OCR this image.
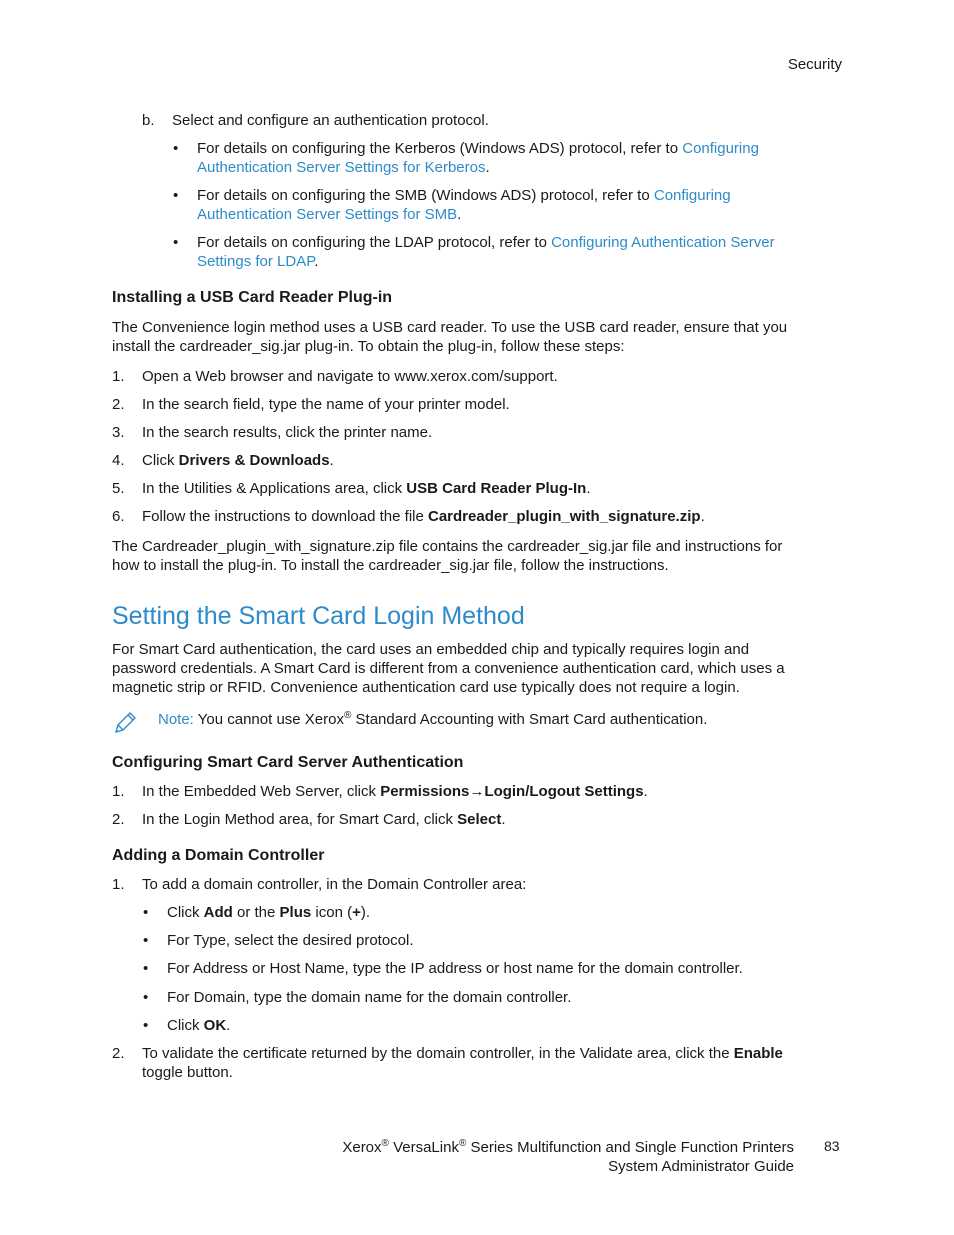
Security
b. Select and configure an authentication protocol.
• For details on configuring the Kerberos (Windows ADS) protocol, refer to Configuring
Authentication Server Settings for Kerberos.
• For details on configuring the SMB (Windows ADS) protocol, refer to Configuring
Authentication Server Settings for SMB.
• For details on configuring the LDAP protocol, refer to Configuring Authentication Server
Settings for LDAP.
Installing a USB Card Reader Plug-in
The Convenience login method uses a USB card reader. To use the USB card reader, ensure that you
install the cardreader_sig.jar plug-in. To obtain the plug-in, follow these steps:
1. Open a Web browser and navigate to www.xerox.com/support.
2. In the search field, type the name of your printer model.
3. In the search results, click the printer name.
4. Click Drivers & Downloads.
5. In the Utilities & Applications area, click USB Card Reader Plug-In.
6. Follow the instructions to download the file Cardreader_plugin_with_signature.zip.
The Cardreader_plugin_with_signature.zip file contains the cardreader_sig.jar file and instructions for
how to install the plug-in. To install the cardreader_sig.jar file, follow the instructions.
Setting the Smart Card Login Method
For Smart Card authentication, the card uses an embedded chip and typically requires login and
password credentials. A Smart Card is different from a convenience authentication card, which uses a
magnetic strip or RFID. Convenience authentication card use typically does not require a login.
Note: You cannot use Xerox® Standard Accounting with Smart Card authentication.
Configuring Smart Card Server Authentication
1. In the Embedded Web Server, click Permissions→Login/Logout Settings.
2. In the Login Method area, for Smart Card, click Select.
Adding a Domain Controller
1. To add a domain controller, in the Domain Controller area:
• Click Add or the Plus icon (+).
• For Type, select the desired protocol.
• For Address or Host Name, type the IP address or host name for the domain controller.
• For Domain, type the domain name for the domain controller.
• Click OK.
2. To validate the certificate returned by the domain controller, in the Validate area, click the Enable
toggle button.
Xerox® VersaLink® Series Multifunction and Single Function Printers
System Administrator Guide
83
